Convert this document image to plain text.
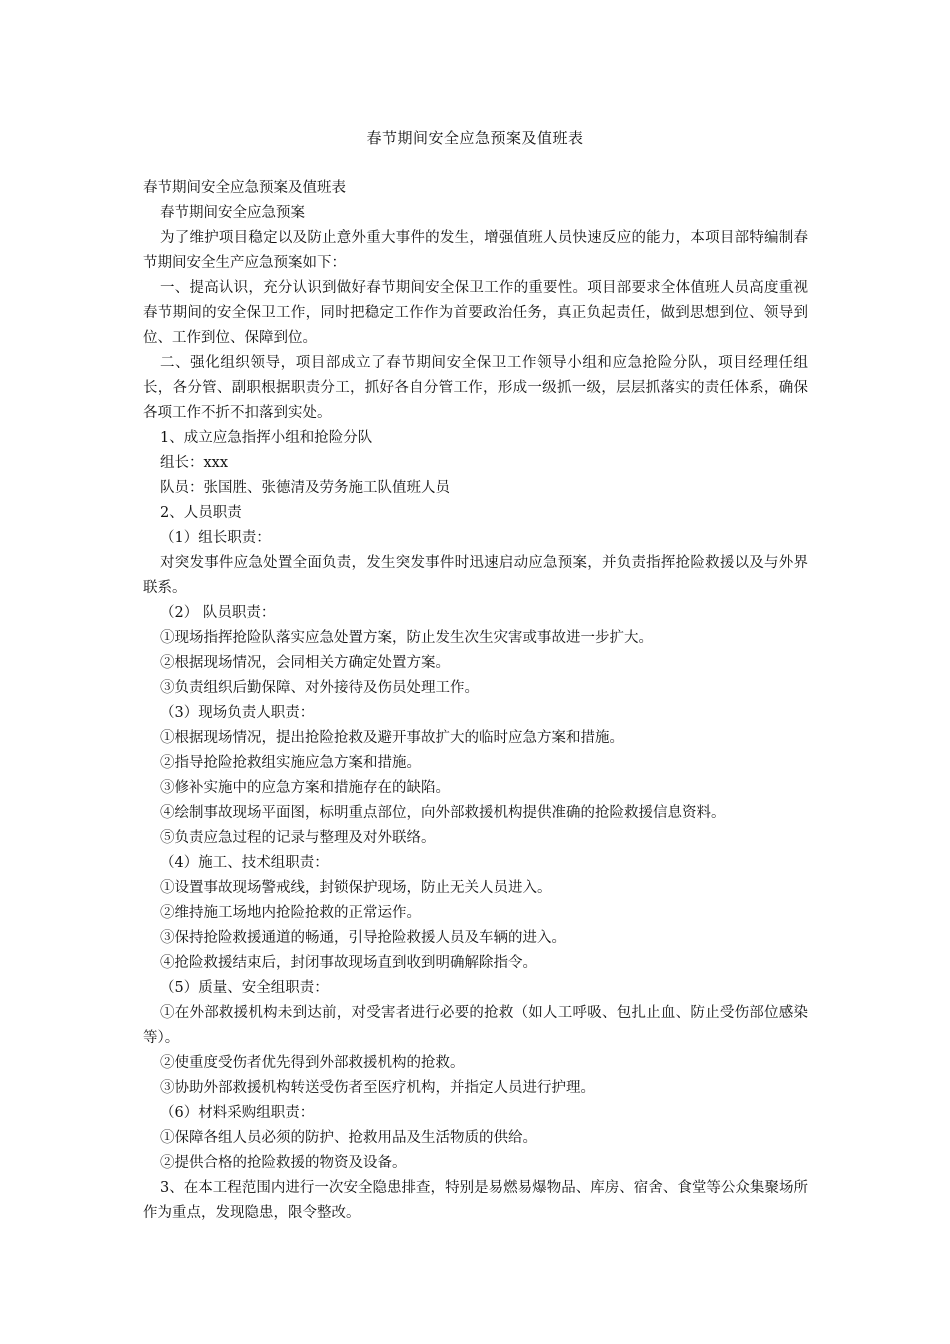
春节期间安全应急预案及值班表
春节期间安全应急预案及值班表
春节期间安全应急预案
为了维护项目稳定以及防止意外重大事件的发生，增强值班人员快速反应的能力，本项目部特编制春节期间安全生产应急预案如下：
一、提高认识，充分认识到做好春节期间安全保卫工作的重要性。项目部要求全体值班人员高度重视春节期间的安全保卫工作，同时把稳定工作作为首要政治任务，真正负起责任，做到思想到位、领导到位、工作到位、保障到位。
二、强化组织领导，项目部成立了春节期间安全保卫工作领导小组和应急抢险分队，项目经理任组长，各分管、副职根据职责分工，抓好各自分管工作，形成一级抓一级，层层抓落实的责任体系，确保各项工作不折不扣落到实处。
1、成立应急指挥小组和抢险分队
组长：xxx
队员：张国胜、张德清及劳务施工队值班人员
2、人员职责
（1）组长职责：
对突发事件应急处置全面负责，发生突发事件时迅速启动应急预案，并负责指挥抢险救援以及与外界联系。
（2） 队员职责：
①现场指挥抢险队落实应急处置方案，防止发生次生灾害或事故进一步扩大。
②根据现场情况，会同相关方确定处置方案。
③负责组织后勤保障、对外接待及伤员处理工作。
（3）现场负责人职责：
①根据现场情况，提出抢险抢救及避开事故扩大的临时应急方案和措施。
②指导抢险抢救组实施应急方案和措施。
③修补实施中的应急方案和措施存在的缺陷。
④绘制事故现场平面图，标明重点部位，向外部救援机构提供准确的抢险救援信息资料。
⑤负责应急过程的记录与整理及对外联络。
（4）施工、技术组职责：
①设置事故现场警戒线，封锁保护现场，防止无关人员进入。
②维持施工场地内抢险抢救的正常运作。
③保持抢险救援通道的畅通，引导抢险救援人员及车辆的进入。
④抢险救援结束后，封闭事故现场直到收到明确解除指令。
（5）质量、安全组职责：
①在外部救援机构未到达前，对受害者进行必要的抢救（如人工呼吸、包扎止血、防止受伤部位感染等）。
②使重度受伤者优先得到外部救援机构的抢救。
③协助外部救援机构转送受伤者至医疗机构，并指定人员进行护理。
（6）材料采购组职责：
①保障各组人员必须的防护、抢救用品及生活物质的供给。
②提供合格的抢险救援的物资及设备。
3、在本工程范围内进行一次安全隐患排查，特别是易燃易爆物品、库房、宿舍、食堂等公众集聚场所作为重点，发现隐患，限令整改。
